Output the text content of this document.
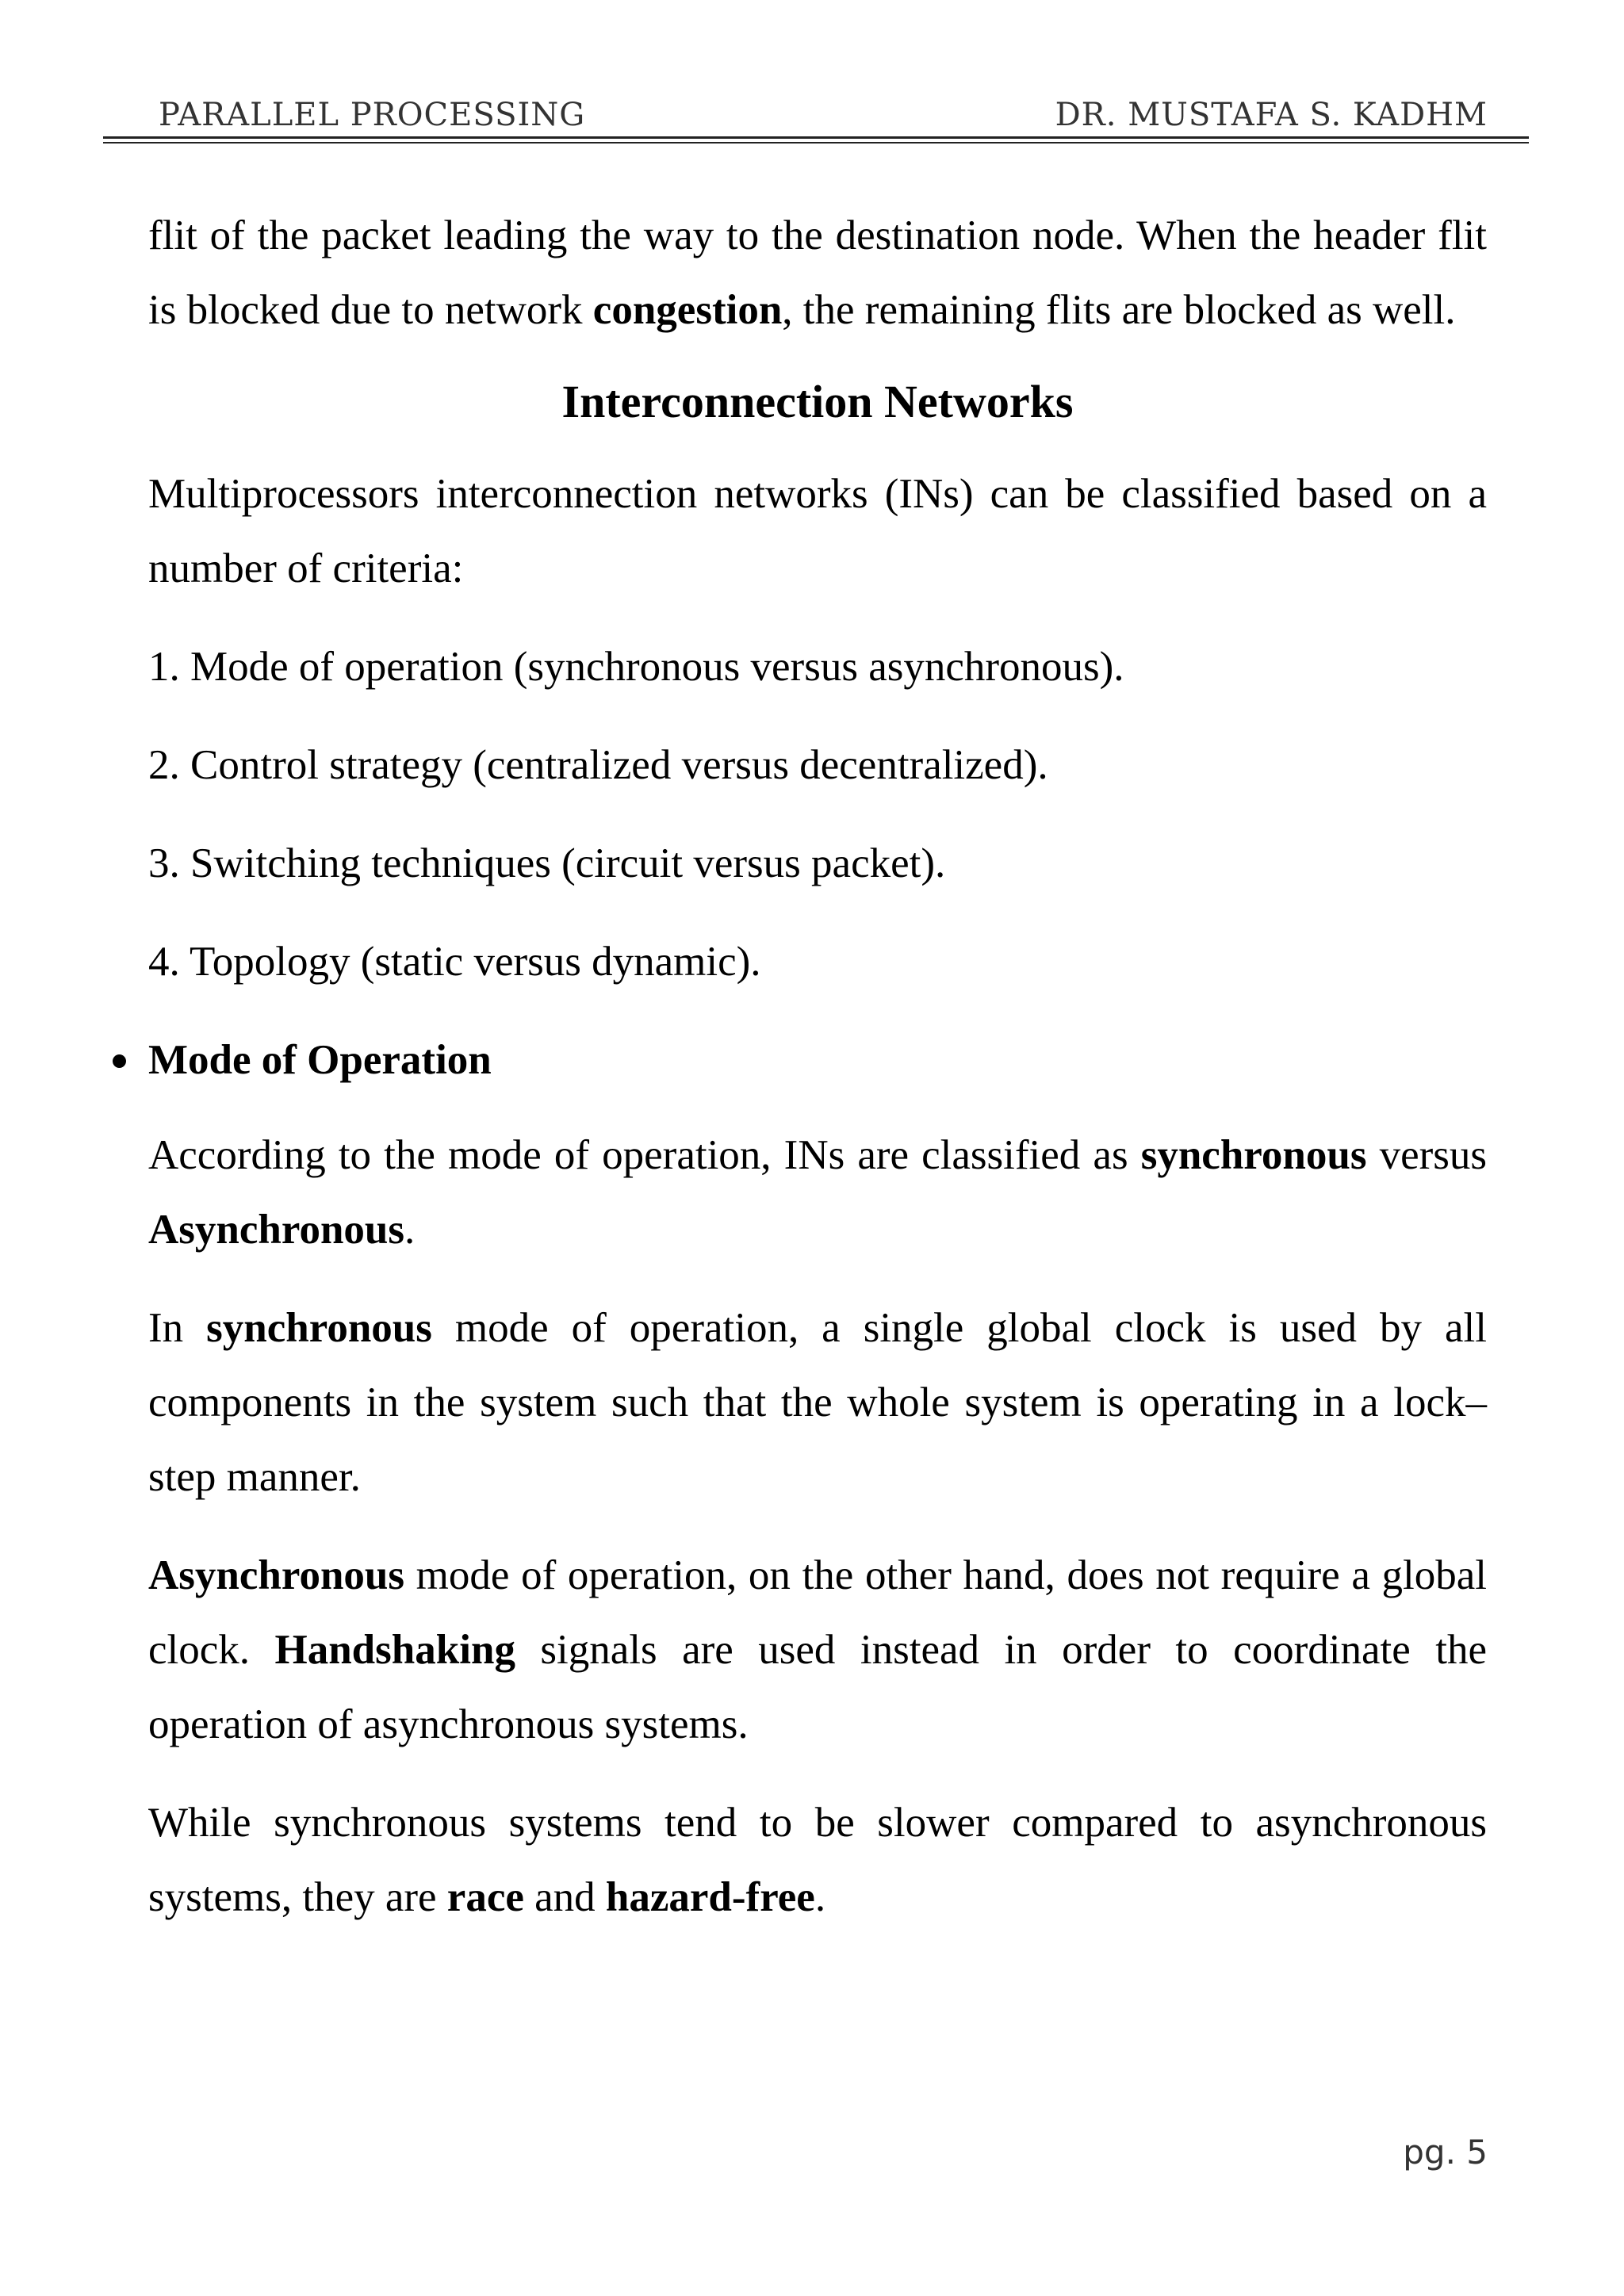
PARALLEL PROCESSING	DR. MUSTAFA S. KADHM

flit of the packet leading the way to the destination node. When the header flit is blocked due to network congestion, the remaining flits are blocked as well.

Interconnection Networks

Multiprocessors interconnection networks (INs) can be classified based on a number of criteria:

1. Mode of operation (synchronous versus asynchronous).
2. Control strategy (centralized versus decentralized).
3. Switching techniques (circuit versus packet).
4. Topology (static versus dynamic).
Mode of Operation

According to the mode of operation, INs are classified as synchronous versus Asynchronous.

In synchronous mode of operation, a single global clock is used by all components in the system such that the whole system is operating in a lock–step manner.

Asynchronous mode of operation, on the other hand, does not require a global clock. Handshaking signals are used instead in order to coordinate the operation of asynchronous systems.

While synchronous systems tend to be slower compared to asynchronous systems, they are race and hazard-free.

pg. 5
